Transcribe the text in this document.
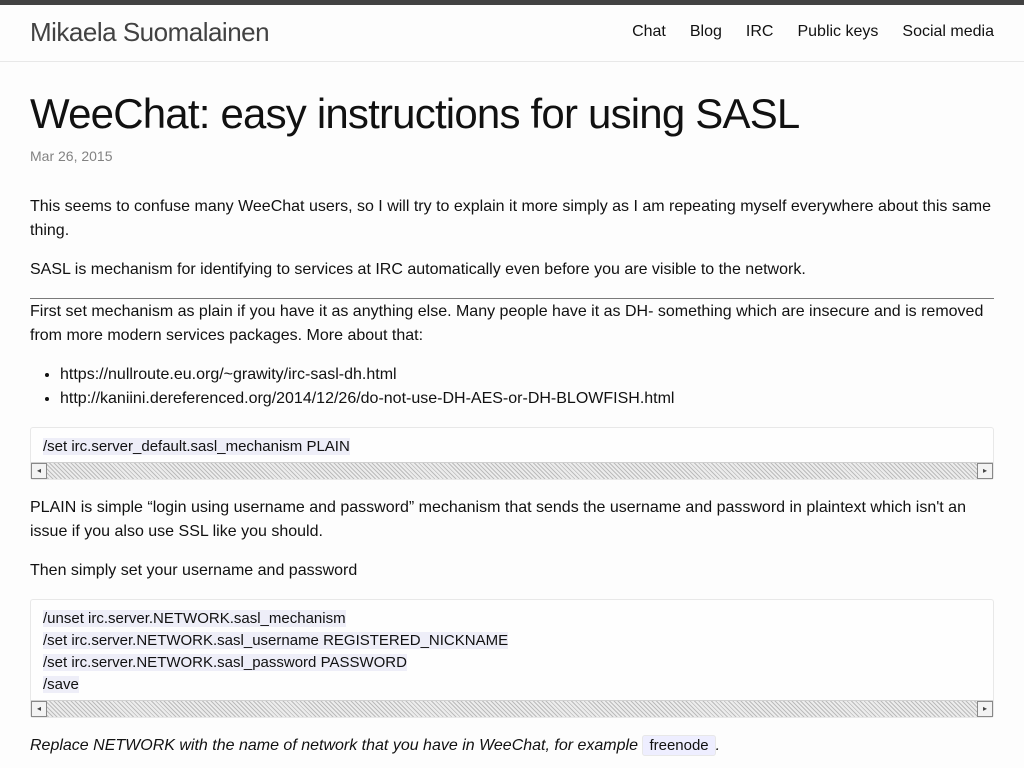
Mikaela Suomalainen	Chat Blog IRC Public keys Social media
WeeChat: easy instructions for using SASL
Mar 26, 2015

This seems to confuse many WeeChat users, so I will try to explain it more simply as I am repeating myself everywhere about this same thing.

SASL is mechanism for identifying to services at IRC automatically even before you are visible to the network.

First set mechanism as plain if you have it as anything else. Many people have it as DH- something which are insecure and is removed from more modern services packages. More about that:

• https://nullroute.eu.org/~grawity/irc-sasl-dh.html
• http://kaniini.dereferenced.org/2014/12/26/do-not-use-DH-AES-or-DH-BLOWFISH.html
/set irc.server_default.sasl_mechanism PLAIN
◂	▸

PLAIN is simple “login using username and password” mechanism that sends the username and password in plaintext which isn't an issue if you also use SSL like you should.

Then simply set your username and password

/unset irc.server.NETWORK.sasl_mechanism
/set irc.server.NETWORK.sasl_username REGISTERED_NICKNAME
/set irc.server.NETWORK.sasl_password PASSWORD
/save
◂	▸

Replace NETWORK with the name of network that you have in WeeChat, for example freenode .
